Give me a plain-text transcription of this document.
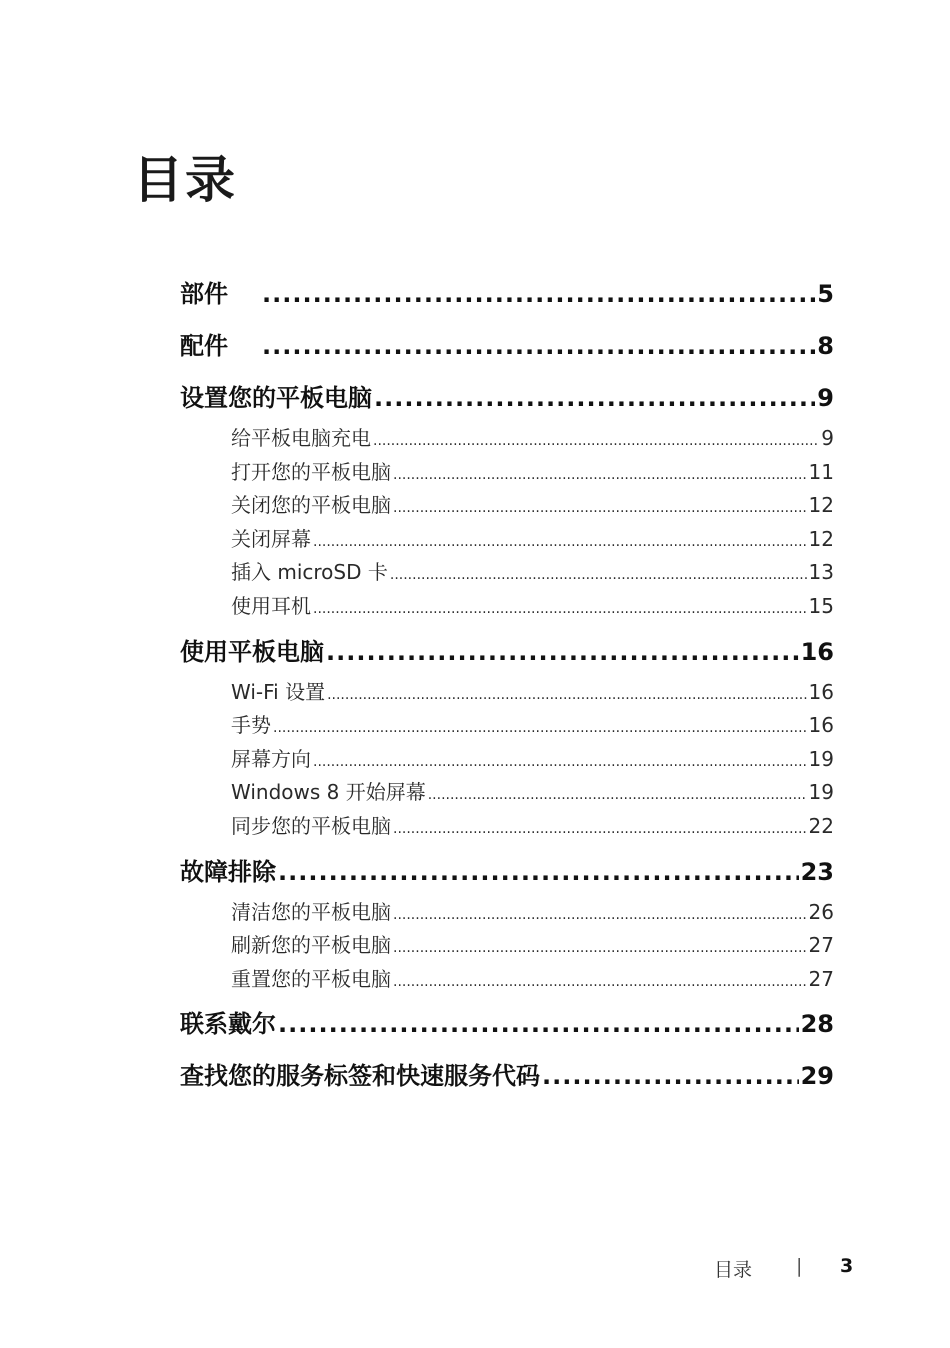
目录
部件 .....	5
配件 .....	8
设置您的平板电脑 .....	9
给平板电脑充电 .....	9
打开您的平板电脑 .....	11
关闭您的平板电脑 .....	12
关闭屏幕 .....	12
插入 microSD 卡 .....	13
使用耳机 .....	15
使用平板电脑 .....	16
Wi-Fi 设置 .....	16
手势 .....	16
屏幕方向 .....	19
Windows 8 开始屏幕 .....	19
同步您的平板电脑 .....	22
故障排除 .....	23
清洁您的平板电脑 .....	26
刷新您的平板电脑 .....	27
重置您的平板电脑 .....	27
联系戴尔 .....	28
查找您的服务标签和快速服务代码 .....	29
目录 | 3
